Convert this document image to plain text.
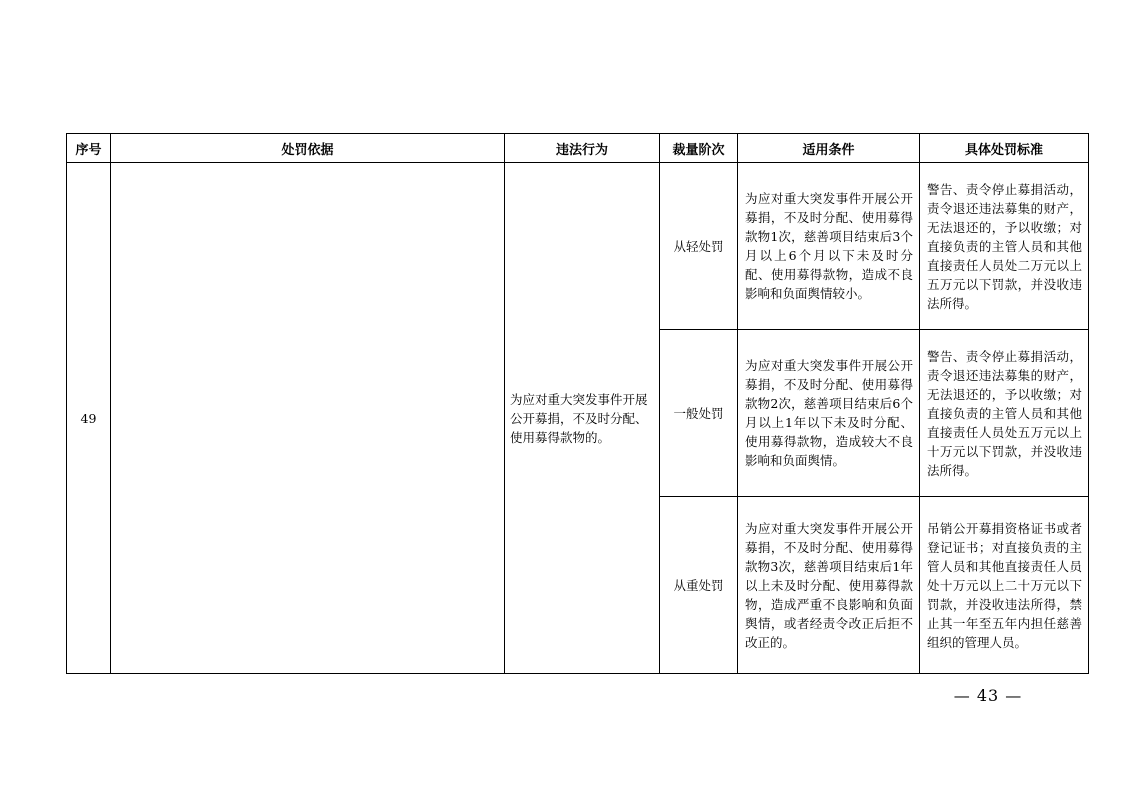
序号	处罚依据	违法行为	裁量阶次	适用条件	具体处罚标准
49		为应对重大突发事件开展公开募捐，不及时分配、使用募得款物的。	从轻处罚	为应对重大突发事件开展公开募捐，不及时分配、使用募得款物1次，慈善项目结束后3个月以上6个月以下未及时分配、使用募得款物，造成不良影响和负面舆情较小。	警告、责令停止募捐活动，责令退还违法募集的财产，无法退还的，予以收缴；对直接负责的主管人员和其他直接责任人员处二万元以上五万元以下罚款，并没收违法所得。
			一般处罚	为应对重大突发事件开展公开募捐，不及时分配、使用募得款物2次，慈善项目结束后6个月以上1年以下未及时分配、使用募得款物，造成较大不良影响和负面舆情。	警告、责令停止募捐活动，责令退还违法募集的财产，无法退还的，予以收缴；对直接负责的主管人员和其他直接责任人员处五万元以上十万元以下罚款，并没收违法所得。
			从重处罚	为应对重大突发事件开展公开募捐，不及时分配、使用募得款物3次，慈善项目结束后1年以上未及时分配、使用募得款物，造成严重不良影响和负面舆情，或者经责令改正后拒不改正的。	吊销公开募捐资格证书或者登记证书；对直接负责的主管人员和其他直接责任人员处十万元以上二十万元以下罚款，并没收违法所得，禁止其一年至五年内担任慈善组织的管理人员。
— 43 —
